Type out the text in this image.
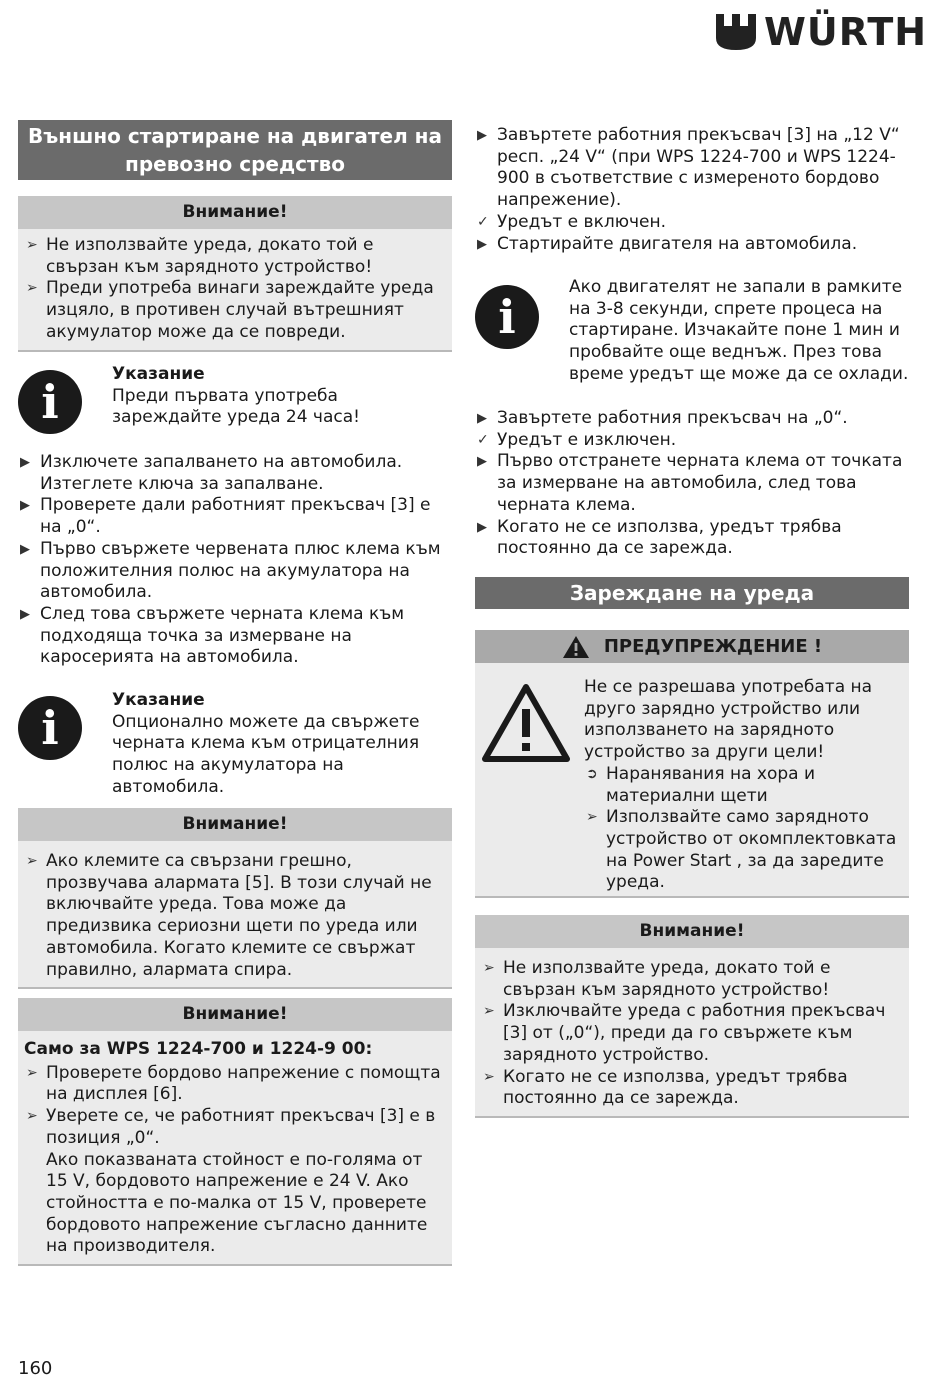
WÜRTH
Външно стартиране на двигател на превозно средство
Внимание!
➢ Не използвайте уреда, докато той е свързан към зарядното устройство!
➢ Преди употреба винаги зареждайте уреда изцяло, в противен случай вътрешният акумулатор може да се повреди.
i
Указание
Преди първата употреба зареждайте уреда 24 часа!
▶ Изключете запалването на автомобила. Изтеглете ключа за запалване.
▶ Проверете дали работният прекъсвач [3] е на „0“.
▶ Първо свържете червената плюс клема към положителния полюс на акумулатора на автомобила.
▶ След това свържете черната клема към подходяща точка за измерване на каросерията на автомобила.
i
Указание
Опционално можете да свържете черната клема към отрицателния полюс на акумулатора на автомобила.
Внимание!
➢ Ако клемите са свързани грешно, прозвучава алармата [5]. В този случай не включвайте уреда. Това може да предизвика сериозни щети по уреда или автомобила. Когато клемите се свържат правилно, алармата спира.
Внимание!
Само за WPS 1224-700 и 1224-9 00:
➢ Проверете бордово напрежение с помощта на дисплея [6].
➢ Уверете се, че работният прекъсвач [3] е в позиция „0“.
Ако показваната стойност е по-голяма от 15 V, бордовото напрежение е 24 V. Ако стойността е по-малка от 15 V, проверете бордовото напрежение съгласно данните на производителя.
▶ Завъртете работния прекъсвач [3] на „12 V“ респ. „24 V“ (при WPS 1224-700 и WPS 1224-900 в съответствие с измереното бордово напрежение).
✓ Уредът е включен.
▶ Стартирайте двигателя на автомобила.
i
Ако двигателят не запали в рамките на 3-8 секунди, спрете процеса на стартиране. Изчакайте поне 1 мин и пробвайте още веднъж. През това време уредът ще може да се охлади.
▶ Завъртете работния прекъсвач на „0“.
✓ Уредът е изключен.
▶ Първо отстранете черната клема от точката за измерване на автомобила, след това черната клема.
▶ Когато не се използва, уредът трябва постоянно да се зарежда.
Зареждане на уреда
ПРЕДУПРЕЖДЕНИЕ !
Не се разрешава употребата на друго зарядно устройство или използването на зарядното устройство за други цели!
➲ Наранявания на хора и материални щети
➢ Използвайте само зарядното устройство от окомплектовката на Power Start , за да заредите уреда.
Внимание!
➢ Не използвайте уреда, докато той е свързан към зарядното устройство!
➢ Изключвайте уреда с работния прекъсвач [3] от („0“), преди да го свържете към зарядното устройство.
➢ Когато не се използва, уредът трябва постоянно да се зарежда.
160
